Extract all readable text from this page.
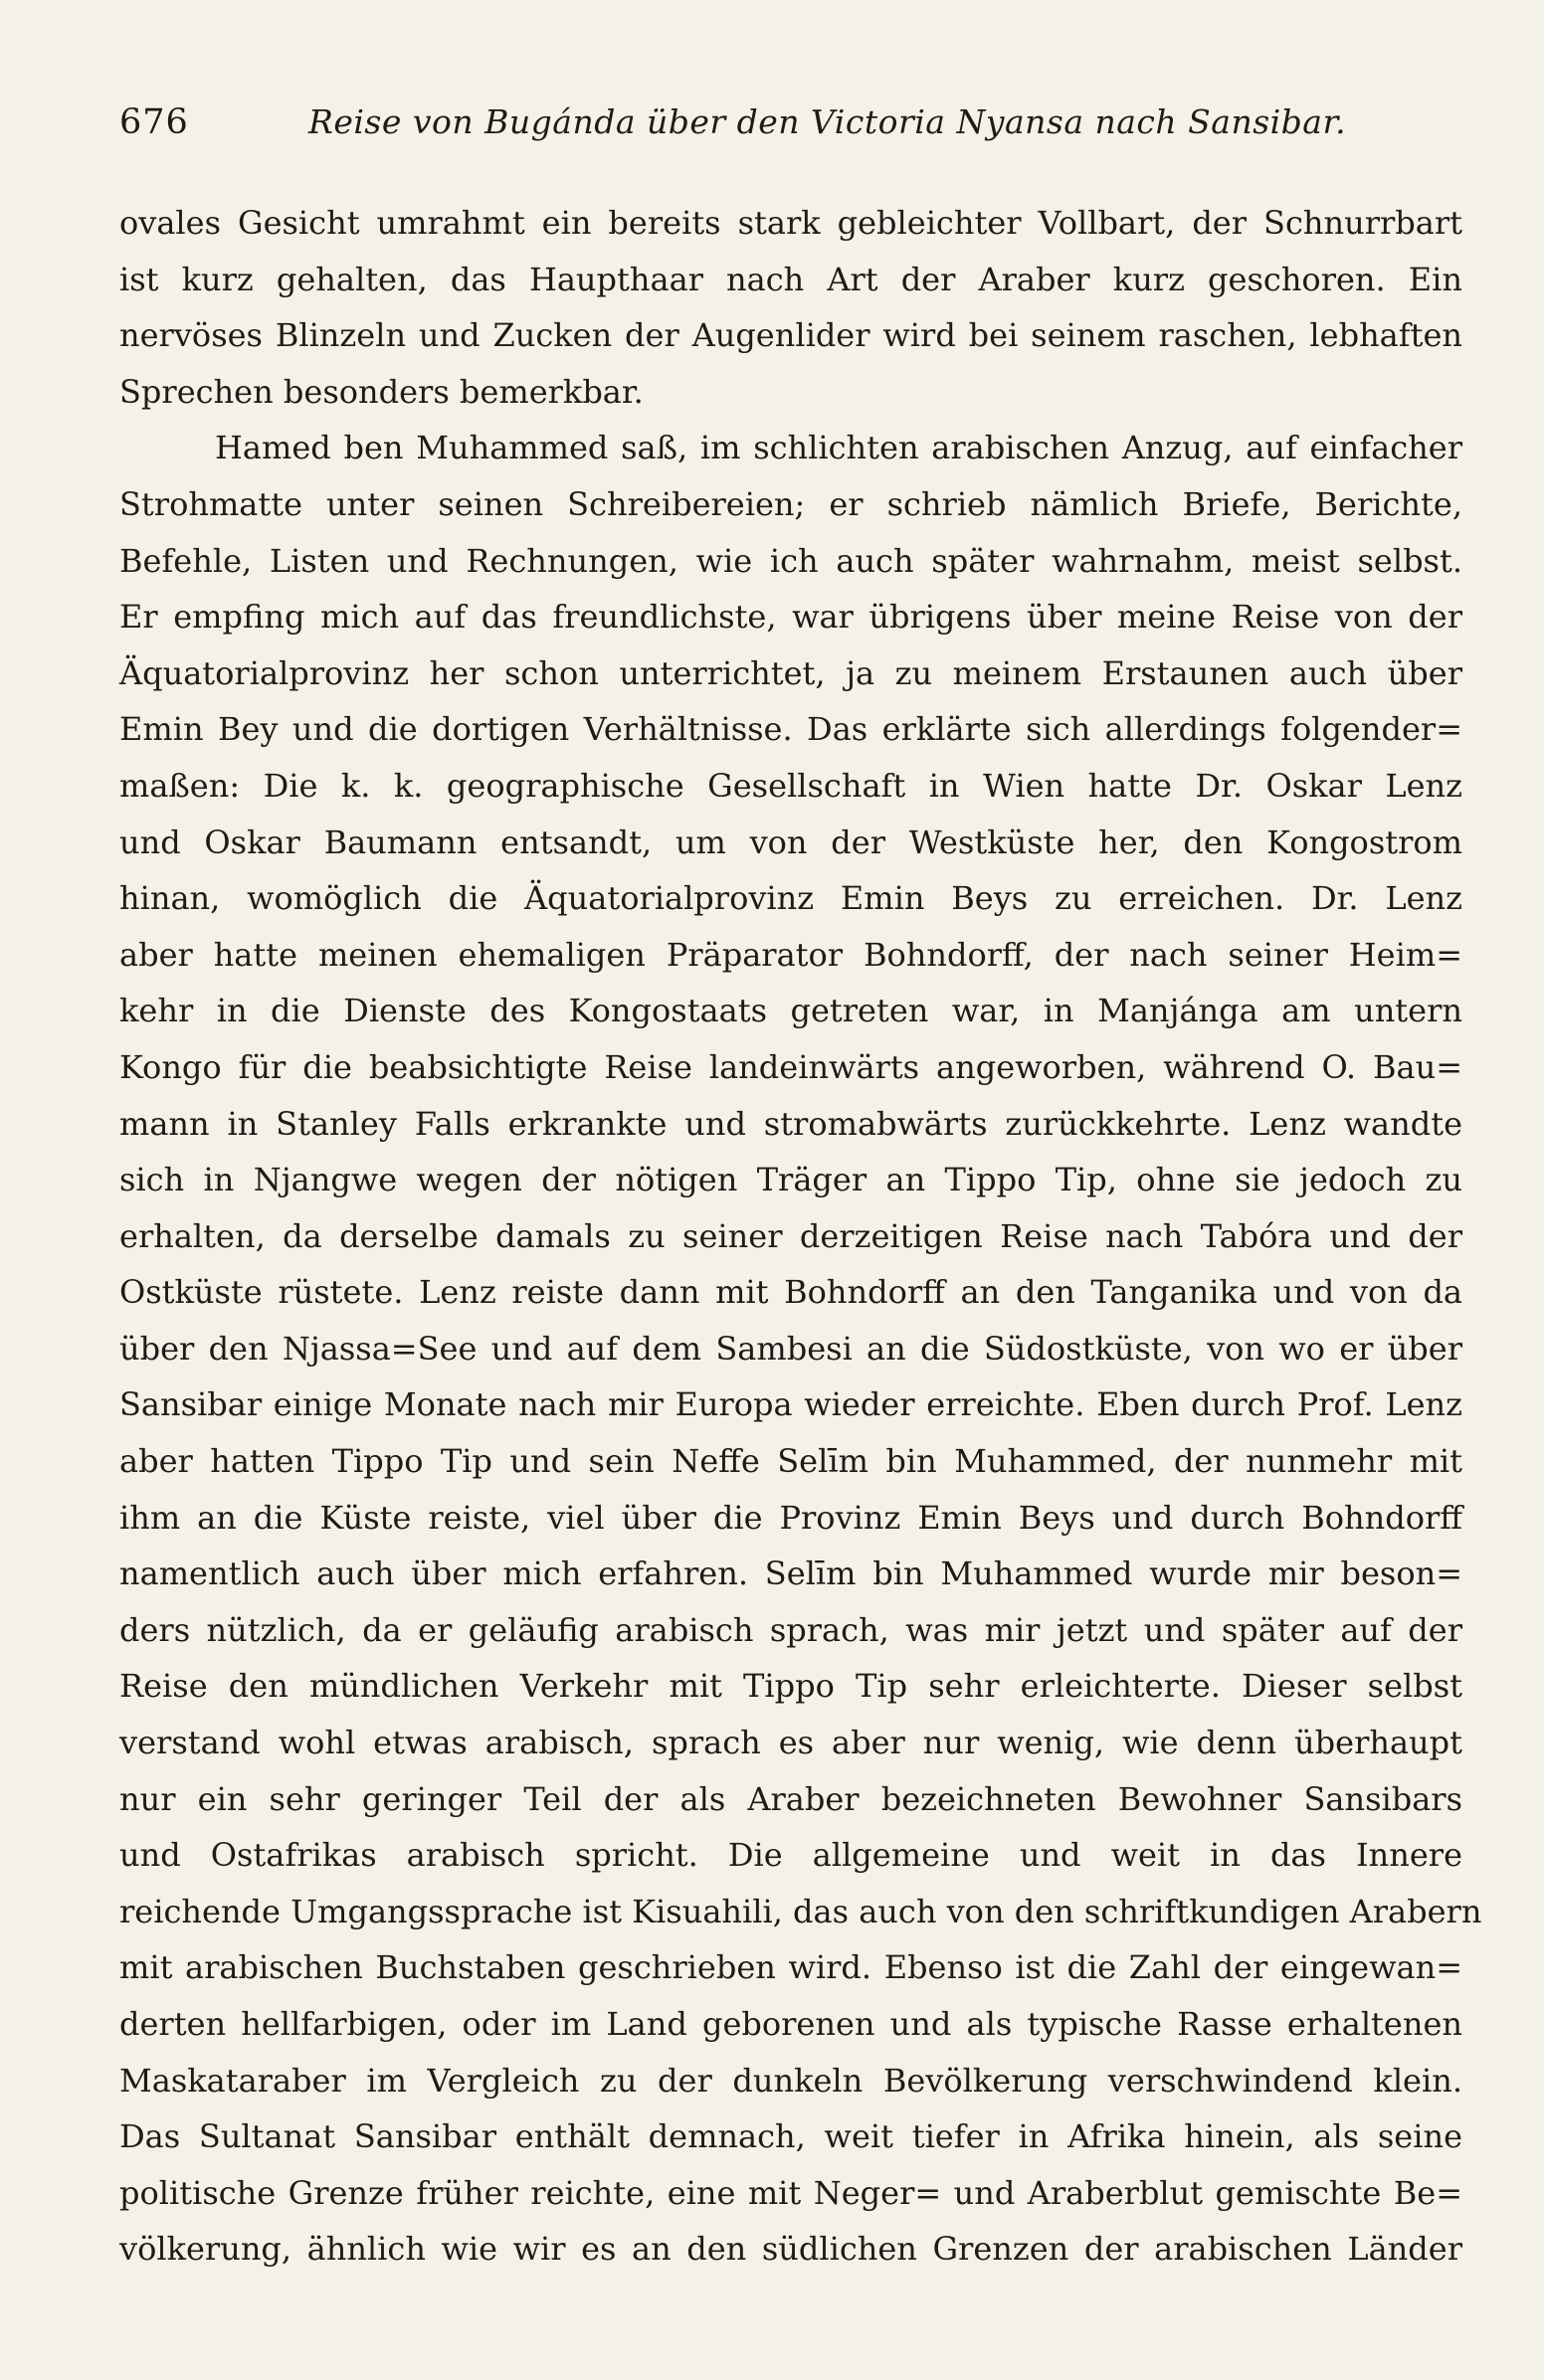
676	Reise von Bugánda über den Victoria Nyansa nach Sansibar.
ovales Gesicht umrahmt ein bereits stark gebleichter Vollbart, der Schnurrbart
ist kurz gehalten, das Haupthaar nach Art der Araber kurz geschoren. Ein
nervöses Blinzeln und Zucken der Augenlider wird bei seinem raschen, lebhaften
Sprechen besonders bemerkbar.
Hamed ben Muhammed saß, im schlichten arabischen Anzug, auf einfacher
Strohmatte unter seinen Schreibereien; er schrieb nämlich Briefe, Berichte,
Befehle, Listen und Rechnungen, wie ich auch später wahrnahm, meist selbst.
Er empfing mich auf das freundlichste, war übrigens über meine Reise von der
Äquatorialprovinz her schon unterrichtet, ja zu meinem Erstaunen auch über
Emin Bey und die dortigen Verhältnisse. Das erklärte sich allerdings folgender=
maßen: Die k. k. geographische Gesellschaft in Wien hatte Dr. Oskar Lenz
und Oskar Baumann entsandt, um von der Westküste her, den Kongostrom
hinan, womöglich die Äquatorialprovinz Emin Beys zu erreichen. Dr. Lenz
aber hatte meinen ehemaligen Präparator Bohndorff, der nach seiner Heim=
kehr in die Dienste des Kongostaats getreten war, in Manjánga am untern
Kongo für die beabsichtigte Reise landeinwärts angeworben, während O. Bau=
mann in Stanley Falls erkrankte und stromabwärts zurückkehrte. Lenz wandte
sich in Njangwe wegen der nötigen Träger an Tippo Tip, ohne sie jedoch zu
erhalten, da derselbe damals zu seiner derzeitigen Reise nach Tabóra und der
Ostküste rüstete. Lenz reiste dann mit Bohndorff an den Tanganika und von da
über den Njassa=See und auf dem Sambesi an die Südostküste, von wo er über
Sansibar einige Monate nach mir Europa wieder erreichte. Eben durch Prof. Lenz
aber hatten Tippo Tip und sein Neffe Selīm bin Muhammed, der nunmehr mit
ihm an die Küste reiste, viel über die Provinz Emin Beys und durch Bohndorff
namentlich auch über mich erfahren. Selīm bin Muhammed wurde mir beson=
ders nützlich, da er geläufig arabisch sprach, was mir jetzt und später auf der
Reise den mündlichen Verkehr mit Tippo Tip sehr erleichterte. Dieser selbst
verstand wohl etwas arabisch, sprach es aber nur wenig, wie denn überhaupt
nur ein sehr geringer Teil der als Araber bezeichneten Bewohner Sansibars
und Ostafrikas arabisch spricht. Die allgemeine und weit in das Innere
reichende Umgangssprache ist Kisuahili, das auch von den schriftkundigen Arabern
mit arabischen Buchstaben geschrieben wird. Ebenso ist die Zahl der eingewan=
derten hellfarbigen, oder im Land geborenen und als typische Rasse erhaltenen
Maskataraber im Vergleich zu der dunkeln Bevölkerung verschwindend klein.
Das Sultanat Sansibar enthält demnach, weit tiefer in Afrika hinein, als seine
politische Grenze früher reichte, eine mit Neger= und Araberblut gemischte Be=
völkerung, ähnlich wie wir es an den südlichen Grenzen der arabischen Länder
